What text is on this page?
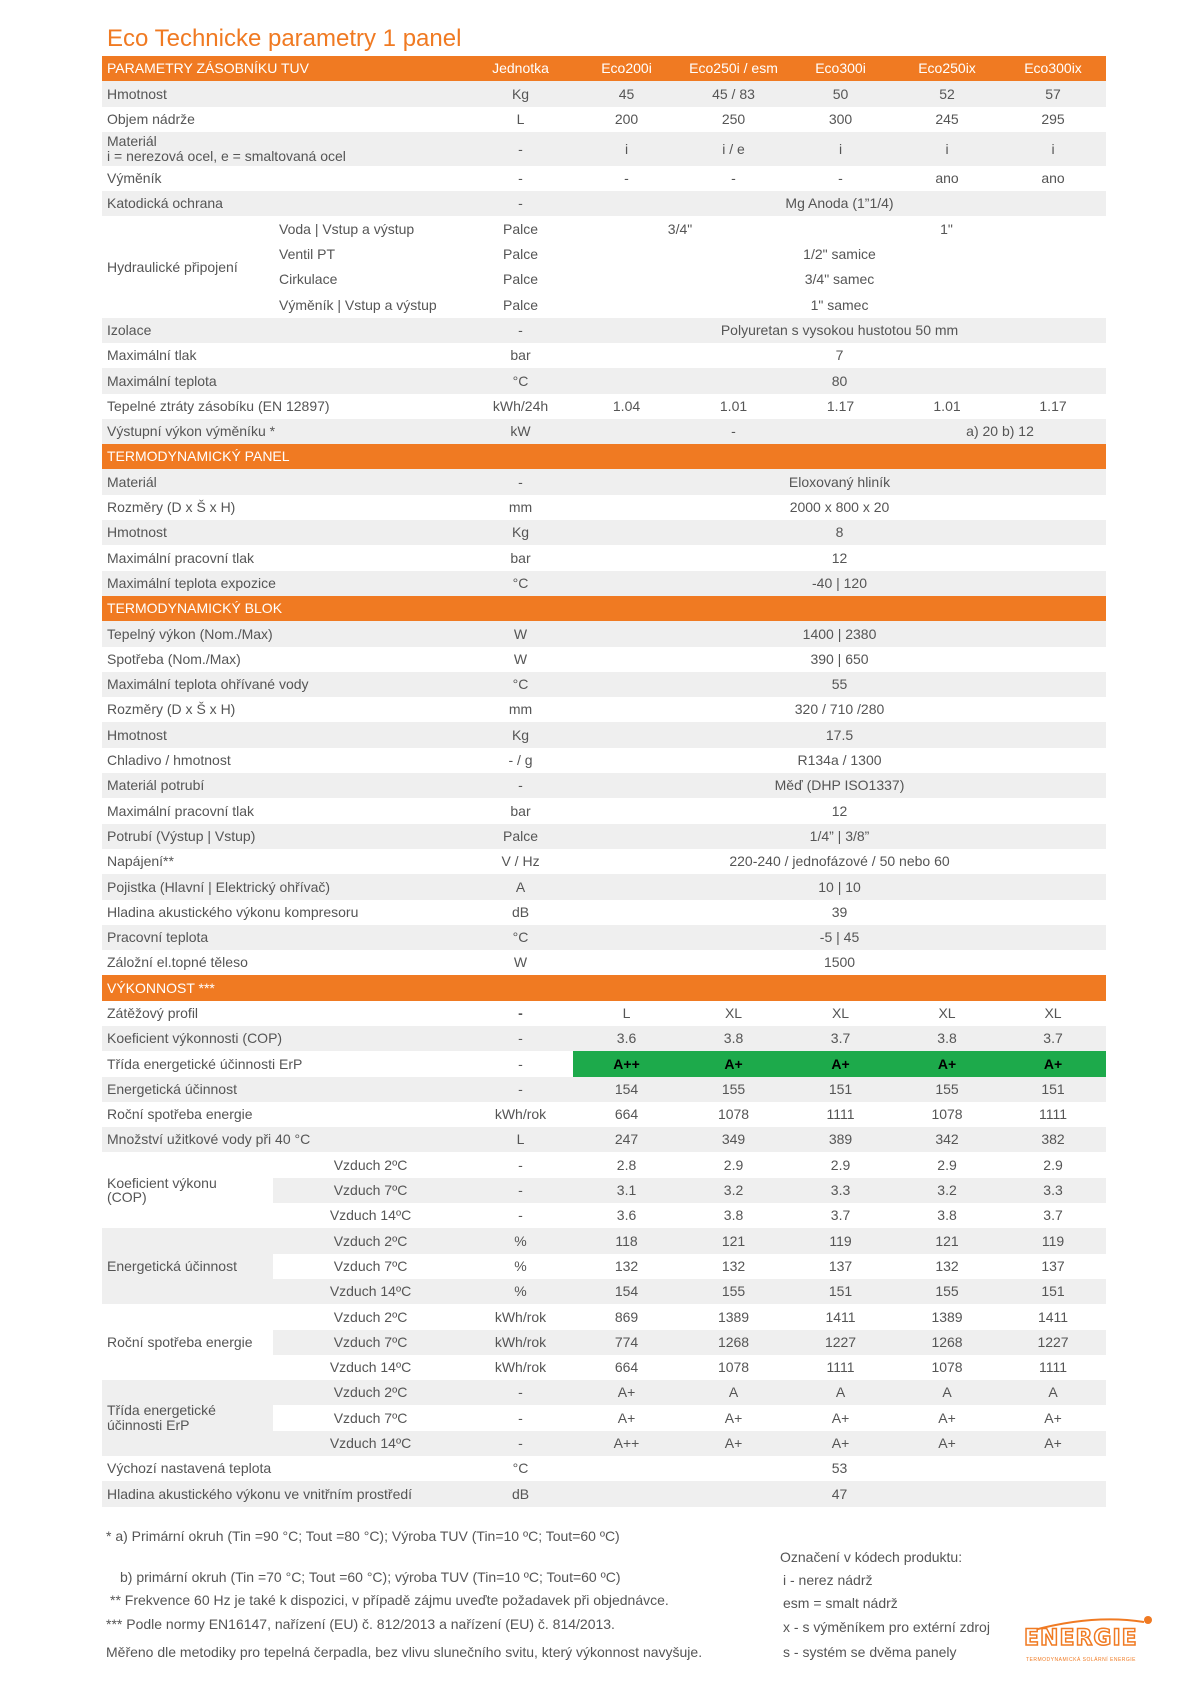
Eco Technicke parametry 1 panel
PARAMETRY ZÁSOBNÍKU TUV		Jednotka	Eco200i	Eco250i / esm	Eco300i	Eco250ix	Eco300ix
Hmotnost		Kg	45	45 / 83	50	52	57
Objem nádrže		L	200	250	300	245	295

Materiál
i = nerezová ocel, e = smaltovaná ocel		-	i	i / e	i	i	i
Výměník		-	-	-	-	ano	ano
Katodická ochrana		-	Mg Anoda (1”1/4)				
Hydraulické připojení	Voda | Vstup a výstup	Palce	3/4"		1"		
	Ventil PT	Palce	1/2" samice				
	Cirkulace	Palce	3/4" samec				
	Výměník | Vstup a výstup	Palce	1" samec				
Izolace		-	Polyuretan s vysokou hustotou 50 mm				
Maximální tlak		bar	7				
Maximální teplota		°C	80				
Tepelné ztráty zásobíku (EN 12897)		kWh/24h	1.04	1.01	1.17	1.01	1.17
Výstupní výkon výměníku *		kW	-			a) 20 b) 12	
TERMODYNAMICKÝ PANEL							
Materiál		-	Eloxovaný hliník				
Rozměry (D x Š x H)		mm	2000 x 800 x 20				
Hmotnost		Kg	8				
Maximální pracovní tlak		bar	12				
Maximální teplota expozice		°C	-40 | 120				
TERMODYNAMICKÝ BLOK							
Tepelný výkon (Nom./Max)		W	1400 | 2380				
Spotřeba (Nom./Max)		W	390 | 650				
Maximální teplota ohřívané vody		°C	55				
Rozměry (D x Š x H)		mm	320 / 710 /280				
Hmotnost		Kg	17.5				
Chladivo / hmotnost		- / g	R134a / 1300				
Materiál potrubí		-	Měď (DHP ISO1337)				
Maximální pracovní tlak		bar	12				
Potrubí (Výstup | Vstup)		Palce	1/4” | 3/8”				
Napájení**		V / Hz	220-240 / jednofázové / 50 nebo 60				
Pojistka (Hlavní | Elektrický ohřívač)		A	10 | 10				
Hladina akustického výkonu kompresoru		dB	39				
Pracovní teplota		°C	-5 | 45				
Záložní el.topné těleso		W	1500				
VÝKONNOST ***							
Zátěžový profil		-	L	XL	XL	XL	XL
Koeficient výkonnosti (COP)		-	3.6	3.8	3.7	3.8	3.7
Třída energetické účinnosti ErP		-	A++	A+	A+	A+	A+
Energetická účinnost		-	154	155	151	155	151
Roční spotřeba energie		kWh/rok	664	1078	1111	1078	1111
Množství užitkové vody při 40 °C		L	247	349	389	342	382

Koeficient výkonu
(COP)	Vzduch 2ºC	-	2.8	2.9	2.9	2.9	2.9
	Vzduch 7ºC	-	3.1	3.2	3.3	3.2	3.3
	Vzduch 14ºC	-	3.6	3.8	3.7	3.8	3.7
Energetická účinnost	Vzduch 2ºC	%	118	121	119	121	119
	Vzduch 7ºC	%	132	132	137	132	137
	Vzduch 14ºC	%	154	155	151	155	151
Roční spotřeba energie	Vzduch 2ºC	kWh/rok	869	1389	1411	1389	1411
	Vzduch 7ºC	kWh/rok	774	1268	1227	1268	1227
	Vzduch 14ºC	kWh/rok	664	1078	1111	1078	1111

Třída energetické
účinnosti ErP	Vzduch 2ºC	-	A+	A	A	A	A
	Vzduch 7ºC	-	A+	A+	A+	A+	A+
	Vzduch 14ºC	-	A++	A+	A+	A+	A+
Výchozí nastavená teplota		°C	53				
Hladina akustického výkonu ve vnitřním prostředí		dB	47				
* a) Primární okruh (Tin =90 °C; Tout =80 °C); Výroba TUV (Tin=10 ºC; Tout=60 ºC)
b) primární okruh (Tin =70 °C; Tout =60 °C); výroba TUV (Tin=10 ºC; Tout=60 ºC)
** Frekvence 60 Hz je také k dispozici, v případě zájmu uveďte požadavek při objednávce.
*** Podle normy EN16147, nařízení (EU) č. 812/2013 a nařízení (EU) č. 814/2013.
Měřeno dle metodiky pro tepelná čerpadla, bez vlivu slunečního svitu, který výkonnost navyšuje.
Označení v kódech produktu:
i - nerez nádrž
esm = smalt nádrž
x - s výměníkem pro extérní zdroj
s - systém se dvěma panely
ENERGIE
TERMODYNAMICKÁ SOLÁRNÍ ENERGIE
